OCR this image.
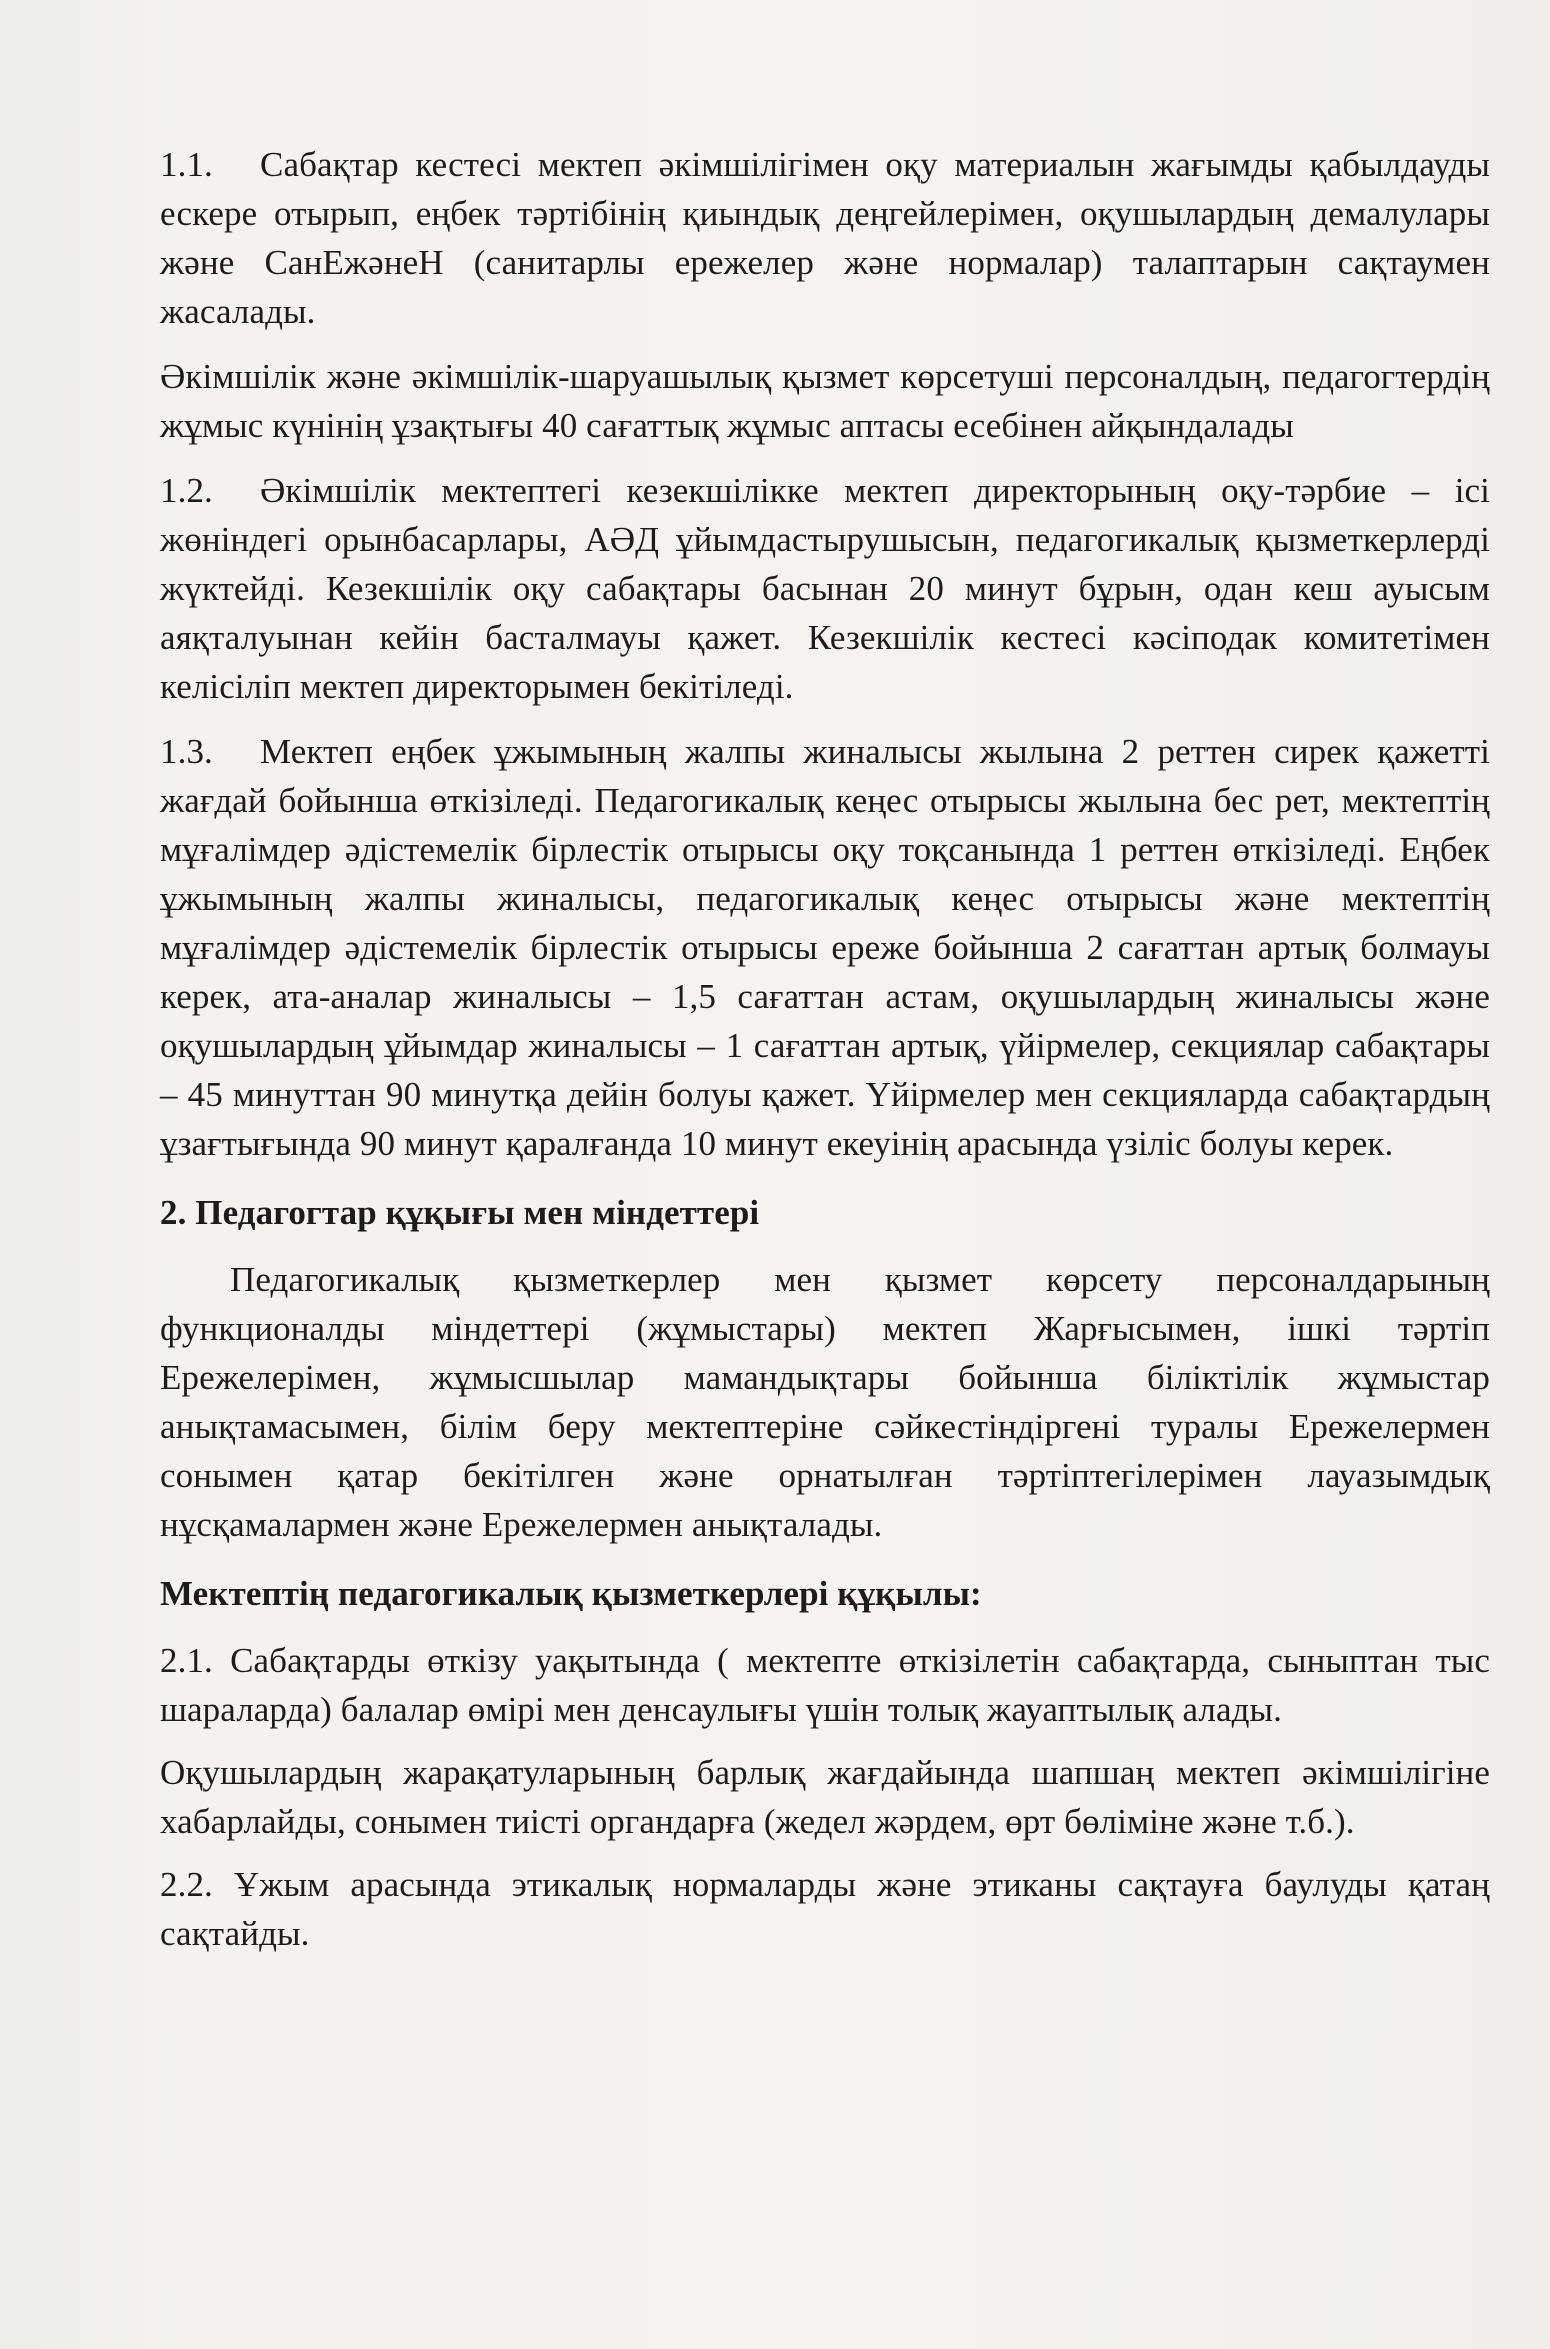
1.1. Сабақтар кестесі мектеп әкімшілігімен оқу материалын жағымды қабылдауды ескере отырып, еңбек тәртібінің қиындық деңгейлерімен, оқушылардың демалулары және СанЕжәнеН (санитарлы ережелер және нормалар) талаптарын сақтаумен жасалады.

Әкімшілік және әкімшілік-шаруашылық қызмет көрсетуші персоналдың, педагогтердің жұмыс күнінің ұзақтығы 40 сағаттық жұмыс аптасы есебінен айқындалады

1.2. Әкімшілік мектептегі кезекшілікке мектеп директорының оқу-тәрбие – ісі жөніндегі орынбасарлары, АӘД ұйымдастырушысын, педагогикалық қызметкерлерді жүктейді. Кезекшілік оқу сабақтары басынан 20 минут бұрын, одан кеш ауысым аяқталуынан кейін басталмауы қажет. Кезекшілік кестесі кәсіподак комитетімен келісіліп мектеп директорымен бекітіледі.

1.3. Мектеп еңбек ұжымының жалпы жиналысы жылына 2 реттен сирек қажетті жағдай бойынша өткізіледі. Педагогикалық кеңес отырысы жылына бес рет, мектептің мұғалімдер әдістемелік бірлестік отырысы оқу тоқсанында 1 реттен өткізіледі. Еңбек ұжымының жалпы жиналысы, педагогикалық кеңес отырысы және мектептің мұғалімдер әдістемелік бірлестік отырысы ереже бойынша 2 сағаттан артық болмауы керек, ата-аналар жиналысы – 1,5 сағаттан астам, оқушылардың жиналысы және оқушылардың ұйымдар жиналысы – 1 сағаттан артық, үйірмелер, секциялар сабақтары – 45 минуттан 90 минутқа дейін болуы қажет. Үйірмелер мен секцияларда сабақтардың ұзағтығында 90 минут қаралғанда 10 минут екеуінің арасында үзіліс болуы керек.

2. Педагогтар құқығы мен міндеттері

Педагогикалық қызметкерлер мен қызмет көрсету персоналдарының функционалды міндеттері (жұмыстары) мектеп Жарғысымен, ішкі тәртіп Ережелерімен, жұмысшылар мамандықтары бойынша біліктілік жұмыстар анықтамасымен, білім беру мектептеріне сәйкестіндіргені туралы Ережелермен сонымен қатар бекітілген және орнатылған тәртіптегілерімен лауазымдық нұсқамалармен және Ережелермен анықталады.

Мектептің педагогикалық қызметкерлері құқылы:

2.1. Сабақтарды өткізу уақытында ( мектепте өткізілетін сабақтарда, сыныптан тыс шараларда) балалар өмірі мен денсаулығы үшін толық жауаптылық алады.

Оқушылардың жарақатуларының барлық жағдайында шапшаң мектеп әкімшілігіне хабарлайды, сонымен тиісті органдарға (жедел жәрдем, өрт бөліміне және т.б.).

2.2. Ұжым арасында этикалық нормаларды және этиканы сақтауға баулуды қатаң сақтайды.
